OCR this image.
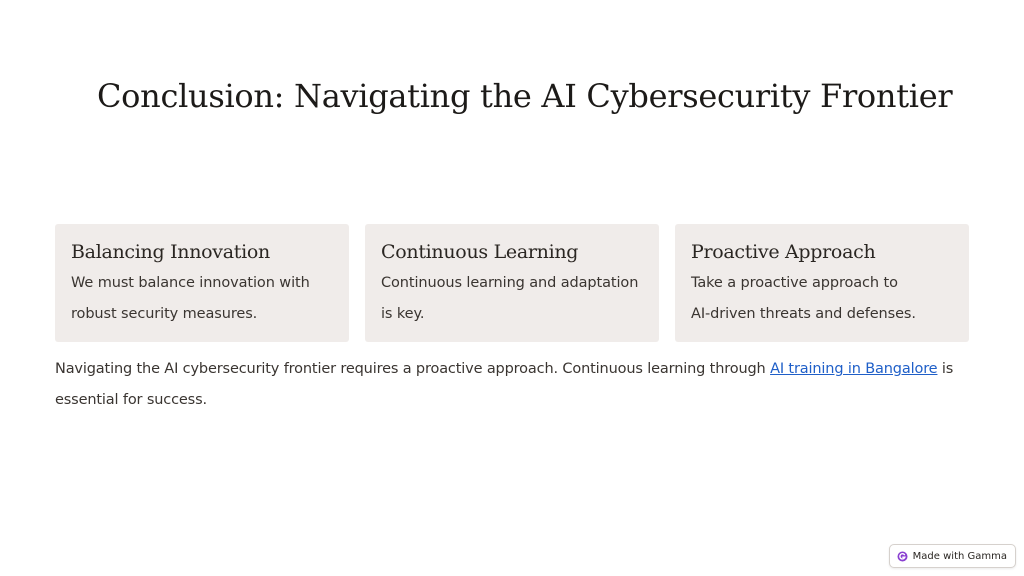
Conclusion: Navigating the AI Cybersecurity Frontier
Balancing Innovation
We must balance innovation with
robust security measures.
Continuous Learning
Continuous learning and adaptation
is key.
Proactive Approach
Take a proactive approach to
AI-driven threats and defenses.

Navigating the AI cybersecurity frontier requires a proactive approach. Continuous learning through AI training in Bangalore is essential for success.

Made with Gamma
